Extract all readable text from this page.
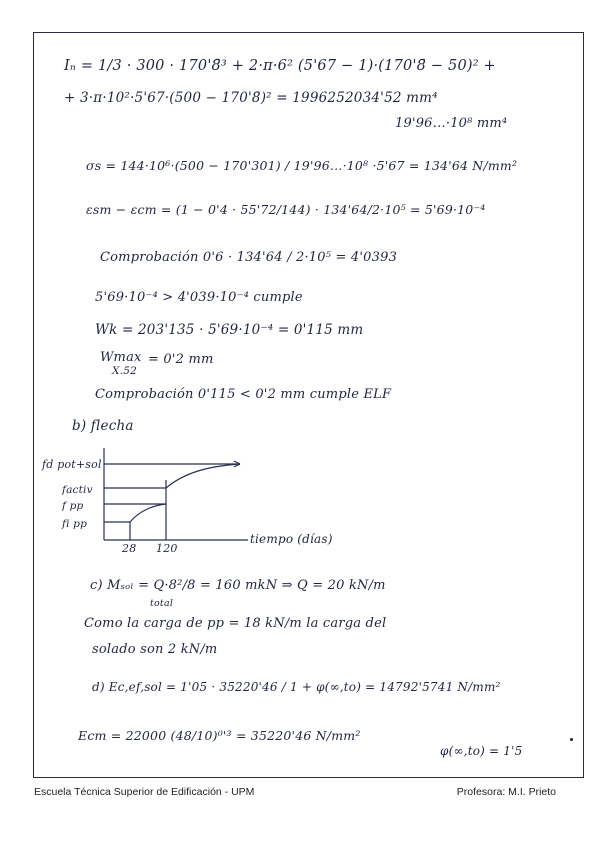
Iₙ = 1/3 · 300 · 170'8̄³ + 2·π·6² (5'67 − 1)·(170'8̄ − 50)² +
+ 3·π·10²·5'67·(500 − 170'8̄)² = 1996252034'52 mm⁴
19'96…·10⁸ mm⁴
σs = 144·10⁶·(500 − 170'301) / 19'96…·10⁸ ·5'67 = 134'64 N/mm²
εsm − εcm = (1 − 0'4 · 55'72/144) · 134'64/2·10⁵ = 5'69·10⁻⁴
Comprobación 0'6 · 134'64 / 2·10⁵ = 4'0393
5'69·10⁻⁴ > 4'039·10⁻⁴ cumple
Wk = 203'135 · 5'69·10⁻⁴ = 0'115 mm
Wmax
X.52
= 0'2 mm
Comprobación 0'115 < 0'2 mm cumple ELF
b) flecha
fd pot+sol
factiv
f pp
fi pp
28 120
tiempo (días)
c) Mₛₒₗ = Q·8²/8 = 160 mkN ⇒ Q = 20 kN/m
total
Como la carga de pp = 18 kN/m la carga del
solado son 2 kN/m
d) Ec,ef,sol = 1'05 · 35220'46 / 1 + φ(∞,to) = 14792'5741 N/mm²
Ecm = 22000 (48/10)⁰'³ = 35220'46 N/mm²
φ(∞,to) = 1'5
Escuela Técnica Superior de Edificación - UPM	Profesora: M.I. Prieto
